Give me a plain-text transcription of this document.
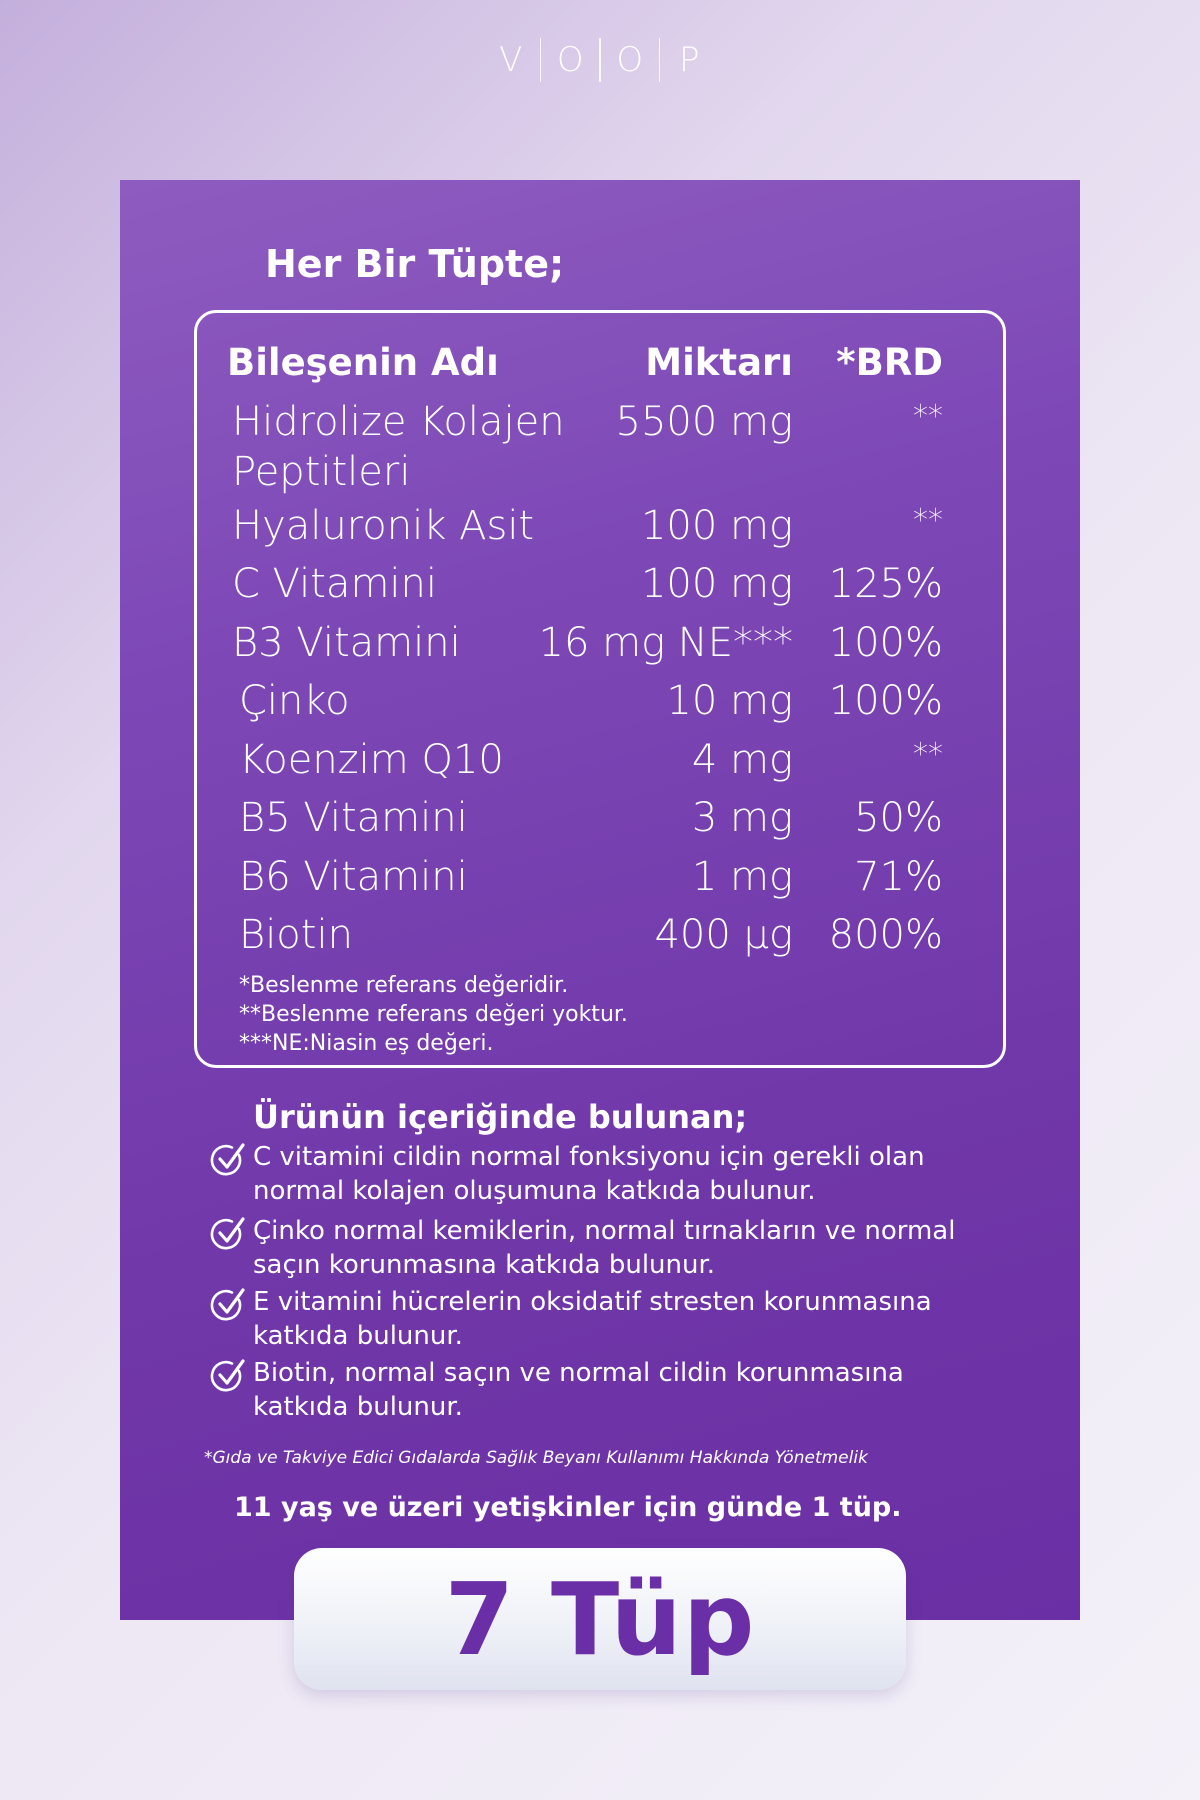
V	O O	P
Her Bir Tüpte;
Bileşenin Adı	Miktarı *BRD
Hidrolize Kolajen
Peptitleri
5500 mg	**
Hyaluronik Asit	100 mg	**
C Vitamini	100 mg 125%
B3 Vitamini 16 mg NE*** 100%
Çinko	10 mg 100%
Koenzim Q10	4 mg	**
B5 Vitamini	3 mg 50%
B6 Vitamini	1 mg 71%
Biotin	400 μg 800%
*Beslenme referans değeridir.
**Beslenme referans değeri yoktur.
***NE:Niasin eş değeri.
Ürünün içeriğinde bulunan;
C vitamini cildin normal fonksiyonu için gerekli olan
normal kolajen oluşumuna katkıda bulunur.
Çinko normal kemiklerin, normal tırnakların ve normal
saçın korunmasına katkıda bulunur.
E vitamini hücrelerin oksidatif stresten korunmasına
katkıda bulunur.
Biotin, normal saçın ve normal cildin korunmasına
katkıda bulunur.
*Gıda ve Takviye Edici Gıdalarda Sağlık Beyanı Kullanımı Hakkında Yönetmelik
11 yaş ve üzeri yetişkinler için günde 1 tüp.
7 Tüp
